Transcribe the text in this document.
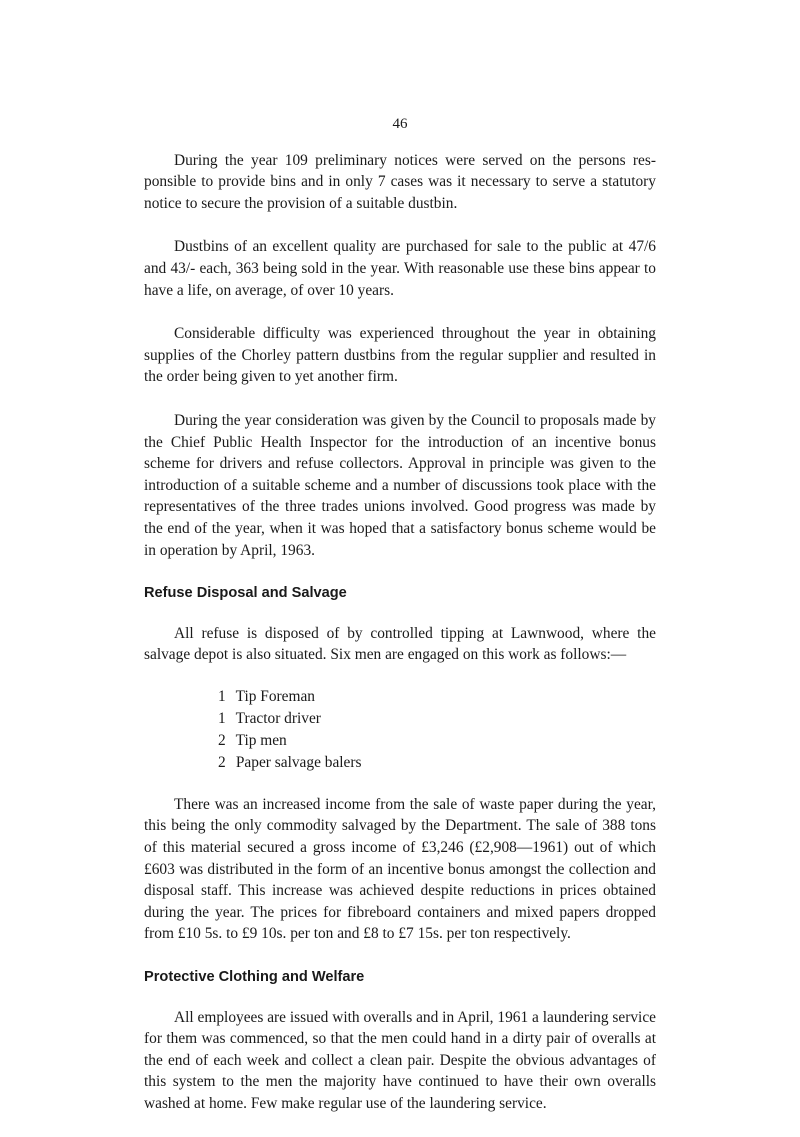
46

During the year 109 preliminary notices were served on the persons responsible to provide bins and in only 7 cases was it necessary to serve a statutory notice to secure the provision of a suitable dustbin.

Dustbins of an excellent quality are purchased for sale to the public at 47/6 and 43/- each, 363 being sold in the year. With reasonable use these bins appear to have a life, on average, of over 10 years.

Considerable difficulty was experienced throughout the year in obtaining supplies of the Chorley pattern dustbins from the regular supplier and resulted in the order being given to yet another firm.

During the year consideration was given by the Council to proposals made by the Chief Public Health Inspector for the introduction of an incentive bonus scheme for drivers and refuse collectors. Approval in principle was given to the introduction of a suitable scheme and a number of discussions took place with the representatives of the three trades unions involved. Good progress was made by the end of the year, when it was hoped that a satisfactory bonus scheme would be in operation by April, 1963.

Refuse Disposal and Salvage

All refuse is disposed of by controlled tipping at Lawnwood, where the salvage depot is also situated. Six men are engaged on this work as follows:—

1 Tip Foreman
1 Tractor driver
2 Tip men
2 Paper salvage balers

There was an increased income from the sale of waste paper during the year, this being the only commodity salvaged by the Department. The sale of 388 tons of this material secured a gross income of £3,246 (£2,908—1961) out of which £603 was distributed in the form of an incentive bonus amongst the collection and disposal staff. This increase was achieved despite reductions in prices obtained during the year. The prices for fibreboard containers and mixed papers dropped from £10 5s. to £9 10s. per ton and £8 to £7 15s. per ton respectively.

Protective Clothing and Welfare

All employees are issued with overalls and in April, 1961 a laundering service for them was commenced, so that the men could hand in a dirty pair of overalls at the end of each week and collect a clean pair. Despite the obvious advantages of this system to the men the majority have continued to have their own overalls washed at home. Few make regular use of the laundering service.
